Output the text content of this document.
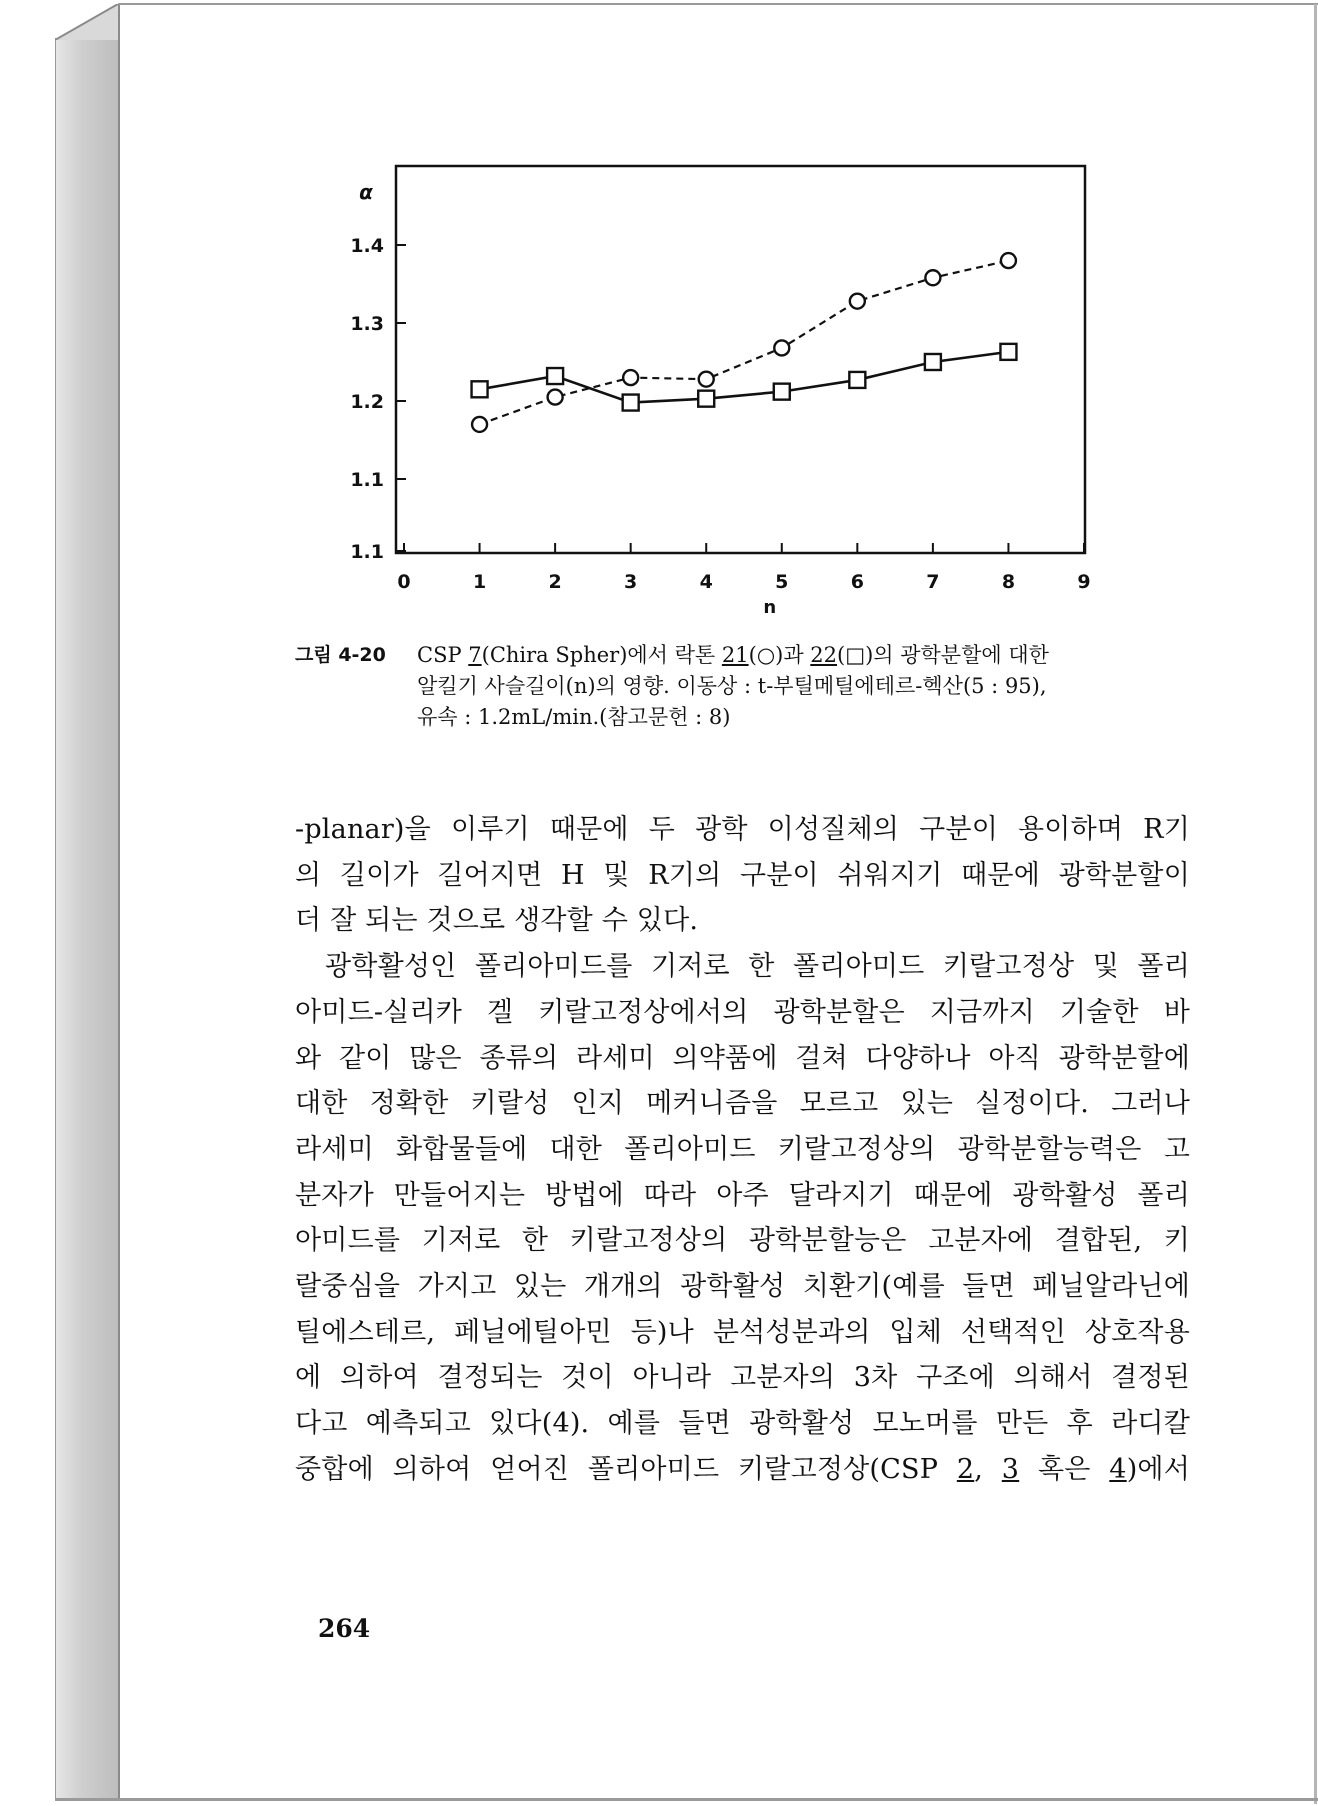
1.1
1.1
1.2
1.3
1.4
α
0	1	2	3	4	5	6	7	8	9
n
그림 4-20 CSP 7(Chira Spher)에서 락톤 21(○)과 22(□)의 광학분할에 대한
알킬기 사슬길이(n)의 영향. 이동상 : t-부틸메틸에테르-헥산(5 : 95),
유속 : 1.2mL/min.(참고문헌 : 8)
-planar)을 이루기 때문에 두 광학 이성질체의 구분이 용이하며 R기
의 길이가 길어지면 H 및 R기의 구분이 쉬워지기 때문에 광학분할이
더 잘 되는 것으로 생각할 수 있다.
광학활성인 폴리아미드를 기저로 한 폴리아미드 키랄고정상 및 폴리
아미드-실리카 겔 키랄고정상에서의 광학분할은 지금까지 기술한 바
와 같이 많은 종류의 라세미 의약품에 걸쳐 다양하나 아직 광학분할에
대한 정확한 키랄성 인지 메커니즘을 모르고 있는 실정이다. 그러나
라세미 화합물들에 대한 폴리아미드 키랄고정상의 광학분할능력은 고
분자가 만들어지는 방법에 따라 아주 달라지기 때문에 광학활성 폴리
아미드를 기저로 한 키랄고정상의 광학분할능은 고분자에 결합된, 키
랄중심을 가지고 있는 개개의 광학활성 치환기(예를 들면 페닐알라닌에
틸에스테르, 페닐에틸아민 등)나 분석성분과의 입체 선택적인 상호작용
에 의하여 결정되는 것이 아니라 고분자의 3차 구조에 의해서 결정된
다고 예측되고 있다(4). 예를 들면 광학활성 모노머를 만든 후 라디칼
중합에 의하여 얻어진 폴리아미드 키랄고정상(CSP 2, 3 혹은 4)에서
264
